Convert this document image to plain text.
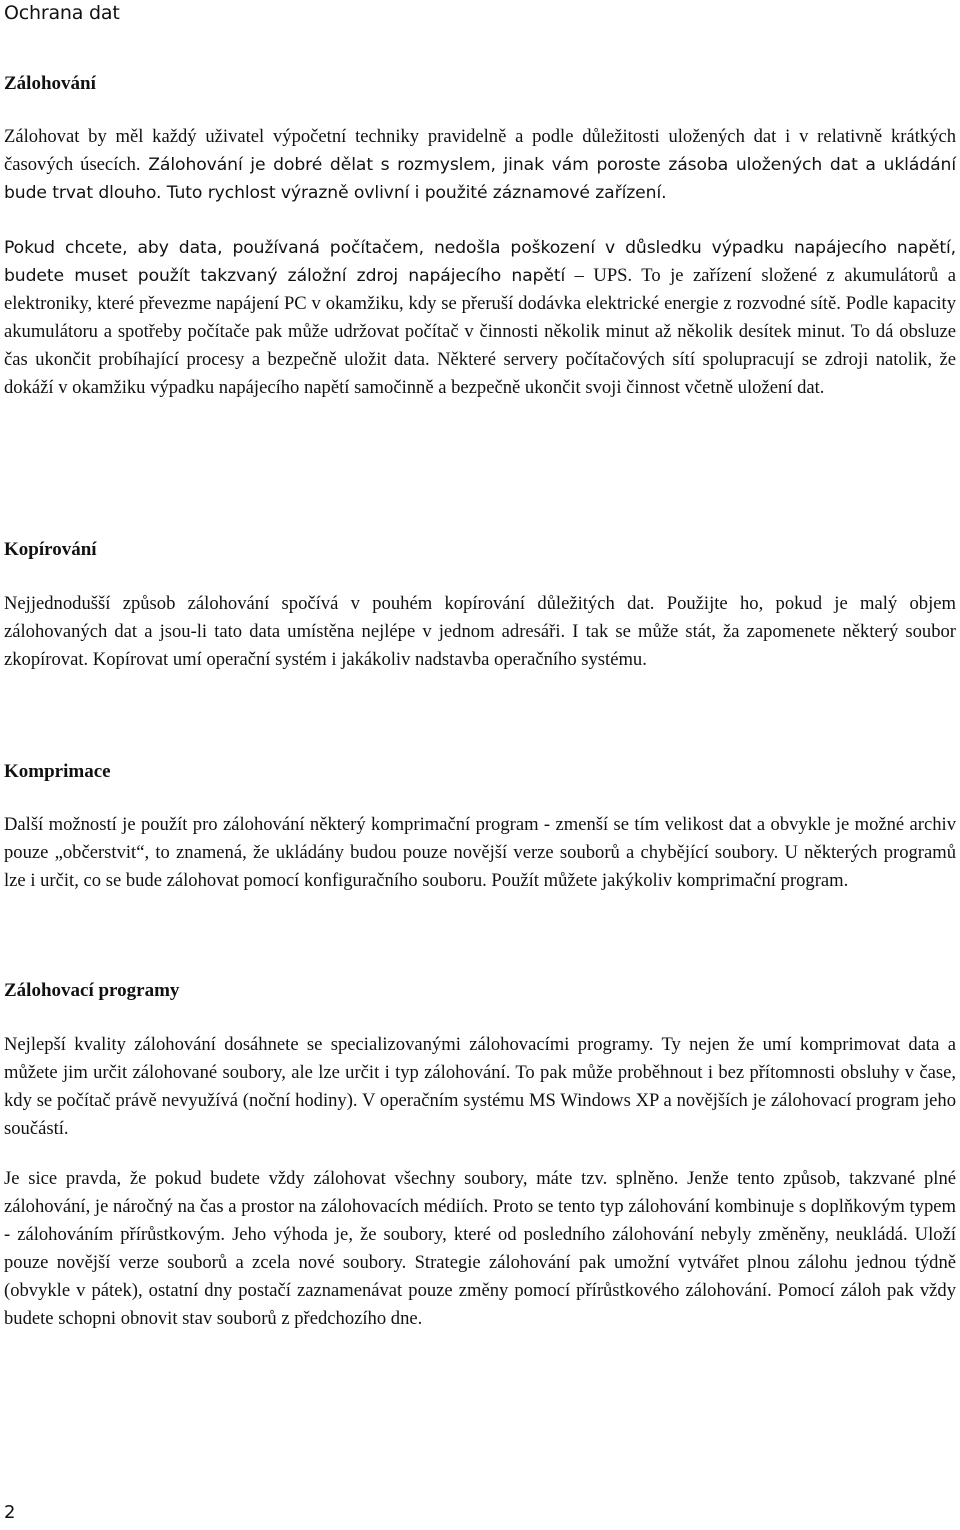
Ochrana dat
Zálohování

Zálohovat by měl každý uživatel výpočetní techniky pravidelně a podle důležitosti uložených dat i v relativně krátkých časových úsecích. Zálohování je dobré dělat s rozmyslem, jinak vám poroste zásoba uložených dat a ukládání bude trvat dlouho. Tuto rychlost výrazně ovlivní i použité záznamové zařízení.

Pokud chcete, aby data, používaná počítačem, nedošla poškození v důsledku výpadku napájecího napětí, budete muset použít takzvaný záložní zdroj napájecího napětí – UPS. To je zařízení složené z akumulátorů a elektroniky, které převezme napájení PC v okamžiku, kdy se přeruší dodávka elektrické energie z rozvodné sítě. Podle kapacity akumulátoru a spotřeby počítače pak může udržovat počítač v činnosti několik minut až několik desítek minut. To dá obsluze čas ukončit probíhající procesy a bezpečně uložit data. Některé servery počítačových sítí spolupracují se zdroji natolik, že dokáží v okamžiku výpadku napájecího napětí samočinně a bezpečně ukončit svoji činnost včetně uložení dat.

Kopírování

Nejjednodušší způsob zálohování spočívá v pouhém kopírování důležitých dat. Použijte ho, pokud je malý objem zálohovaných dat a jsou-li tato data umístěna nejlépe v jednom adresáři. I tak se může stát, ža zapomenete některý soubor zkopírovat. Kopírovat umí operační systém i jakákoliv nadstavba operačního systému.

Komprimace

Další možností je použít pro zálohování některý komprimační program - zmenší se tím velikost dat a obvykle je možné archiv pouze „občerstvit“, to znamená, že ukládány budou pouze novější verze souborů a chybějící soubory. U některých programů lze i určit, co se bude zálohovat pomocí konfiguračního souboru. Použít můžete jakýkoliv komprimační program.

Zálohovací programy

Nejlepší kvality zálohování dosáhnete se specializovanými zálohovacími programy. Ty nejen že umí komprimovat data a můžete jim určit zálohované soubory, ale lze určit i typ zálohování. To pak může proběhnout i bez přítomnosti obsluhy v čase, kdy se počítač právě nevyužívá (noční hodiny). V operačním systému MS Windows XP a novějších je zálohovací program jeho součástí.

Je sice pravda, že pokud budete vždy zálohovat všechny soubory, máte tzv. splněno. Jenže tento způsob, takzvané plné zálohování, je náročný na čas a prostor na zálohovacích médiích. Proto se tento typ zálohování kombinuje s doplňkovým typem - zálohováním přírůstkovým. Jeho výhoda je, že soubory, které od posledního zálohování nebyly změněny, neukládá. Uloží pouze novější verze souborů a zcela nové soubory. Strategie zálohování pak umožní vytvářet plnou zálohu jednou týdně (obvykle v pátek), ostatní dny postačí zaznamenávat pouze změny pomocí přírůstkového zálohování. Pomocí záloh pak vždy budete schopni obnovit stav souborů z předchozího dne.

2
